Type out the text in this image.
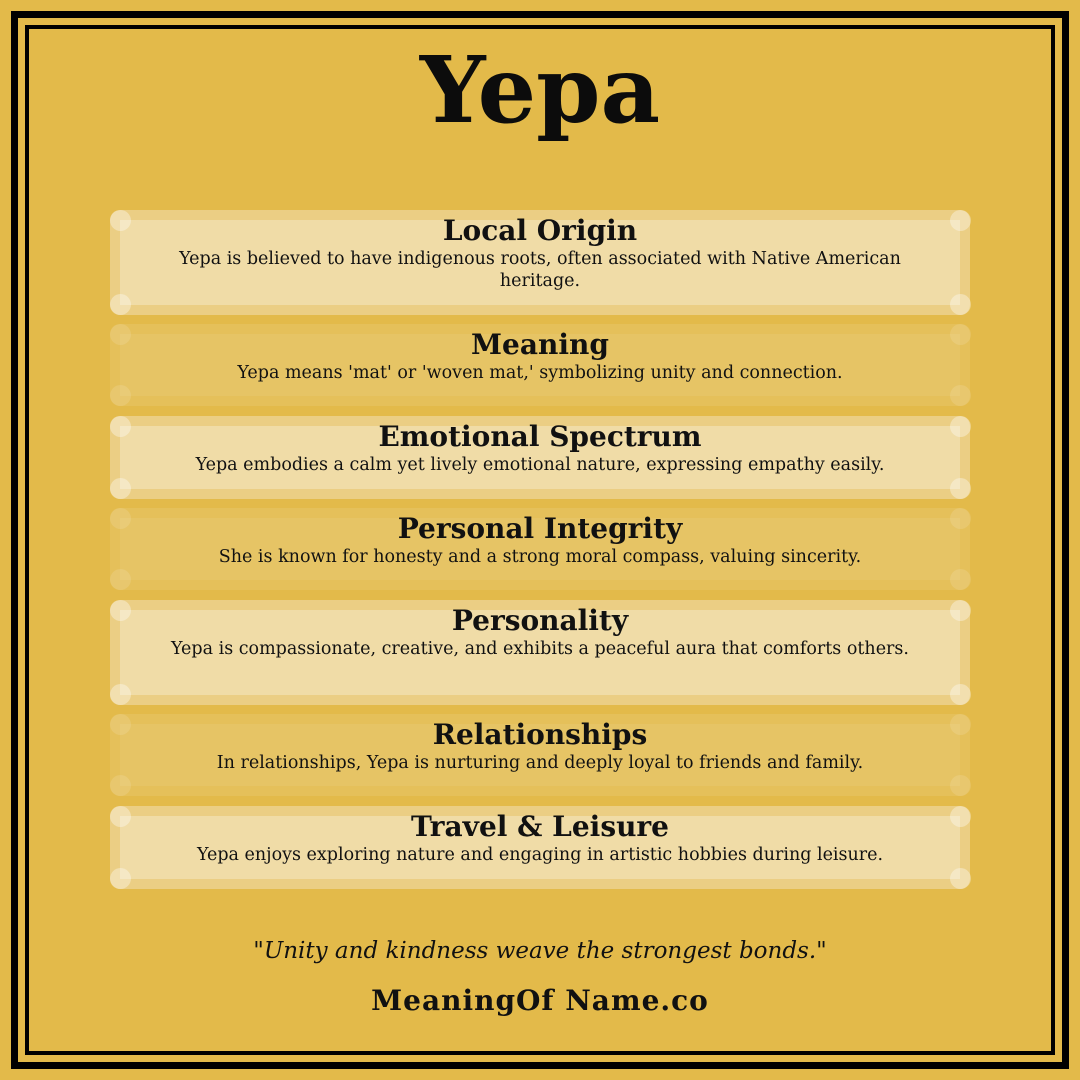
Yepa
Local Origin
Yepa is believed to have indigenous roots, often associated with Native American heritage.
Meaning
Yepa means 'mat' or 'woven mat,' symbolizing unity and connection.
Emotional Spectrum
Yepa embodies a calm yet lively emotional nature, expressing empathy easily.
Personal Integrity
She is known for honesty and a strong moral compass, valuing sincerity.
Personality
Yepa is compassionate, creative, and exhibits a peaceful aura that comforts others.
Relationships
In relationships, Yepa is nurturing and deeply loyal to friends and family.
Travel & Leisure
Yepa enjoys exploring nature and engaging in artistic hobbies during leisure.
"Unity and kindness weave the strongest bonds."
MeaningOf Name.co
